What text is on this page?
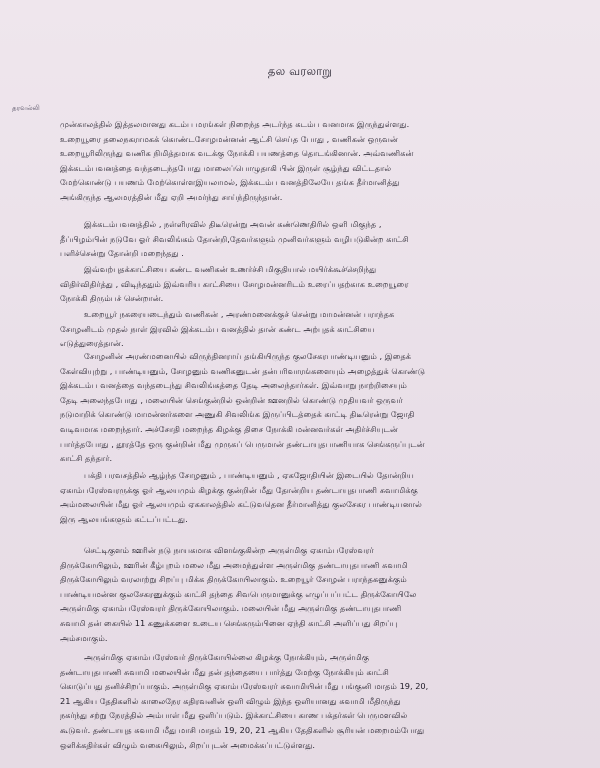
தல வரலாறு
தரவல்லி
முன்காலத்தில் இத்தலமானது கடம்ப மரங்கள் நிறைந்த அடர்ந்த கடம்ப வனமாக இருந்துள்ளது.
உறையூரை தலைநகராமகக் கொண்டசோழமன்னன் ஆட்சி செய்த போது , வணிகன் ஒருவன்
உறையூரிலிருந்து வணிக நிமித்தமாக வடக்கு நோக்கி பயணத்தை தொடங்கினான். அவ்வணிகன்
இக்கடம்பவனத்தை வந்தடைந்தபோது மாலைப்பொழுதாகி பின் இருள் சூழ்ந்து விட்டதால்
மேற்கொண்டு பயணம் மேற்கொள்ளஇயலாமல், இக்கடம்ப வனத்திலேயே தங்க தீர்மானித்து
அங்கிருந்த ஆலமரத்தின் மீது ஏறி அமர்ந்து சாய்ந்திருந்தான்.
இக்கடம்பவனத்தில் , நள்ளிரவில் திடீரென்று அவன் கண்ணெதிரில் ஒளி மிகுந்த ,
தீப்பிழம்பின் நடுவே ஓர் சிவலிங்கம் தோன்றி,தேவர்களும் முனிவர்களும் வழிபடுகின்ற காட்சி
பளிச்சென்று தோன்றி மறைந்தது .
இவ்வற்புதக்காட்சியை கண்ட வணிகன் உணர்ச்சி மிகுதியால் மயிர்க்கூச்செறிந்து
விதிர்விதிர்த்து , விடிந்ததும் இவ்வரிய காட்சியை சோழமன்னரிடம் உரைப்பதற்காக உறையூரை
நோக்கி திரும்பச் சென்றான்.
உறையூர் நகரையடைந்தும் வணிகன் , அரண்மனைக்குச் சென்று மாமன்னன் பராந்தக
சோழனிடம் முதல் நாள் இரவில் இக்கடம்ப வனத்தில் தான் கண்ட அற்புதக் காட்சியை
எடுத்துரைத்தான்.
சோழனின் அரண்மனையில் விருந்தினராய் தங்கியிருந்த குலசேகரபாண்டியனும் , இதைக்
கேள்வியுற்று , பாண்டியனும், சோழனும் வணிகனுடன் தன்பரிவாரங்களையும் அழைத்துக் கொண்டு
இக்கடம்ப வனத்தை வந்தடைந்து சிவலிங்கத்தை தேடி அலைந்தார்கள். இவ்வாறு நாற்றிசையும்
தேடி அலைந்தபோது , மலையின் செங்குன்றில் ஒன்றின் ஊனறில் கொண்டு முதியவர் ஒருவர்
நடுமாறிக் கொண்டு மாமன்னர்களை அணுகி சிவலிங்க இருப்பிடத்தைக் காட்டி திடீரென்று ஜோதி
வடிவமாக மறைந்தார். அச்சோதி மறைந்த கிழக்கு திசை நோக்கி மன்னவர்கள் அதிர்ச்சியுடன்
பார்த்தபோது , தூரத்தே ஒரு குன்றின் மீது முருகப் பெருமான் தண்டாயுதபாணியாக செங்கருப்புடன்
காட்சி தந்தார்.
பக்தி பரவசத்தில் ஆழ்ந்த சோழனும் , பாண்டியனும் , ஏகஜோதியின் இடையில் தோன்றிய
ஏகாம்பரேஸ்வரருக்கு ஓர் ஆலயமும் கிழக்கு குன்றின் மீது தோன்றிய தண்டாயுதபாணி சுவாமிக்கு
அம்மலையின் மீது ஓர் ஆலயமும் ஏககாலத்தில் கட்டுவதென தீர்மானித்து குலசேகர பாண்டியனால்
இரு ஆலயங்களும் கட்டப்பட்டது.
செட்டிகுளம் ஊரின் நடு நாயகமாக விளங்குகின்ற அருள்மிகு ஏகாம்பரேஸ்வரர்
திருக்கோயிலும், ஊரின் கீழ்புறம் மலை மீது அமைந்துள்ள அருள்மிகு தண்டாயுதபாணி சுவாமி
திருக்கோயிலும் வரலாற்று சிறப்பு மிக்க திருக்கோயிலாகும். உறையூர் சோழன் பராந்தகனுக்கும்
பாண்டியமன்ன குலசேகரனுக்கும் காட்சி தந்தை சிவபெருமானுக்கு எழுப்பப்பட்ட திருக்கோயிலே
அருள்மிகு ஏகாம்பரேஸ்வரர் திருக்கோயிலாகும். மலையின் மீது அருள்மிகு தண்டாயுதபாணி
சுவாமி தன் கையில் 11 கணுக்களை உடைய செங்கரும்பினை ஏந்தி காட்சி அளிப்பது சிறப்பு
அம்சமாகும்.
அருள்மிகு ஏகாம்பரேஸ்வர் திருக்கோயில்லை கிழக்கு நோக்கியும், அருள்மிகு
தண்டாயுதபாணி சுவாமி மலையின் மீது தன் தந்தையை பார்த்து மேற்கு நோக்கியும் காட்சி
கொடுப்பது தனிச்சிறப்பாகும். அருள்மிகு ஏகாம்பரேஸ்வரர் சுவாமியின் மீது பங்குனி மாதம் 19, 20,
21 ஆகிய தேதிகளில் காலைநேர கதிரவனின் ஒளி விழும் இந்த ஒளியானது சுவாமி மீதிருந்து
நகர்ந்து சற்று நேரத்தில் அம்பாள் மீது ஒளிப்படும். இக்காட்சியை காண பக்தர்கள் பெருமளவில்
கூடுவர். தண்டாயுத சுவாமி மீது மாசி மாதம் 19, 20, 21 ஆகிய தேதிகளில் சூரியன் மறைமம்போது
ஒளிக்கதிர்கள் விழும் வகையிலும், சிறப்புடன் அமைக்கப்பட்டுள்ளது.
